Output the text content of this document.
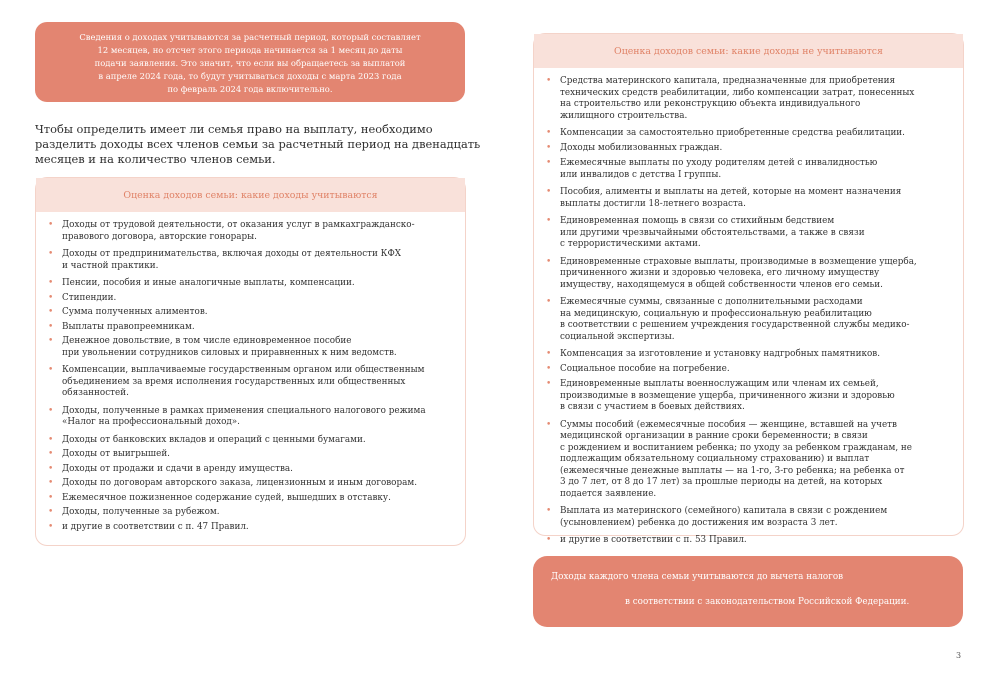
Сведения о доходах учитываются за расчетный период, который составляет
12 месяцев, но отсчет этого периода начинается за 1 месяц до даты
подачи заявления. Это значит, что если вы обращаетесь за выплатой
в апреле 2024 года, то будут учитываться доходы с марта 2023 года
по февраль 2024 года включительно.
Чтобы определить имеет ли семья право на выплату, необходимо
разделить доходы всех членов семьи за расчетный период на двенадцать
месяцев и на количество членов семьи.
Оценка доходов семьи: какие доходы учитываются
• Доходы от трудовой деятельности, от оказания услуг в рамкахгражданско-
правового договора, авторские гонорары.
• Доходы от предпринимательства, включая доходы от деятельности КФХ
и частной практики.
• Пенсии, пособия и иные аналогичные выплаты, компенсации.
• Стипендии.
• Сумма полученных алиментов.
• Выплаты правопреемникам.
• Денежное довольствие, в том числе единовременное пособие
при увольнении сотрудников силовых и приравненных к ним ведомств.
• Компенсации, выплачиваемые государственным органом или общественным
объединением за время исполнения государственных или общественных
обязанностей.
• Доходы, полученные в рамках применения специального налогового режима
«Налог на профессиональный доход».
• Доходы от банковских вкладов и операций с ценными бумагами.
• Доходы от выигрышей.
• Доходы от продажи и сдачи в аренду имущества.
• Доходы по договорам авторского заказа, лицензионным и иным договорам.
• Ежемесячное пожизненное содержание судей, вышедших в отставку.
• Доходы, полученные за рубежом.
• и другие в соответствии с п. 47 Правил.
Оценка доходов семьи: какие доходы не учитываются
• Средства материнского капитала, предназначенные для приобретения
технических средств реабилитации, либо компенсации затрат, понесенных
на строительство или реконструкцию объекта индивидуального
жилищного строительства.
• Компенсации за самостоятельно приобретенные средства реабилитации.
• Доходы мобилизованных граждан.
• Ежемесячные выплаты по уходу родителям детей с инвалидностью
или инвалидов с детства I группы.
• Пособия, алименты и выплаты на детей, которые на момент назначения
выплаты достигли 18-летнего возраста.
• Единовременная помощь в связи со стихийным бедствием
или другими чрезвычайными обстоятельствами, а также в связи
с террористическими актами.
• Единовременные страховые выплаты, производимые в возмещение ущерба,
причиненного жизни и здоровью человека, его личному имуществу
имуществу, находящемуся в общей собственности членов его семьи.
• Ежемесячные суммы, связанные с дополнительными расходами
на медицинскую, социальную и профессиональную реабилитацию
в соответствии с решением учреждения государственной службы медико-
социальной экспертизы.
• Компенсация за изготовление и установку надгробных памятников.
• Социальное пособие на погребение.
• Единовременные выплаты военнослужащим или членам их семьей,
производимые в возмещение ущерба, причиненного жизни и здоровью
в связи с участием в боевых действиях.
• Суммы пособий (ежемесячные пособия — женщине, вставшей на учетв
медицинской организации в ранние сроки беременности; в связи
с рождением и воспитанием ребенка; по уходу за ребенком гражданам, не
подлежащим обязательному социальному страхованию) и выплат
(ежемесячные денежные выплаты — на 1-го, 3-го ребенка; на ребенка от
3 до 7 лет, от 8 до 17 лет) за прошлые периоды на детей, на которых
подается заявление.
• Выплата из материнского (семейного) капитала в связи с рождением
(усыновлением) ребенка до достижения им возраста 3 лет.
• и другие в соответствии с п. 53 Правил.
Доходы каждого члена семьи учитываются до вычета налогов
в соответствии с законодательством Российской Федерации.
3
